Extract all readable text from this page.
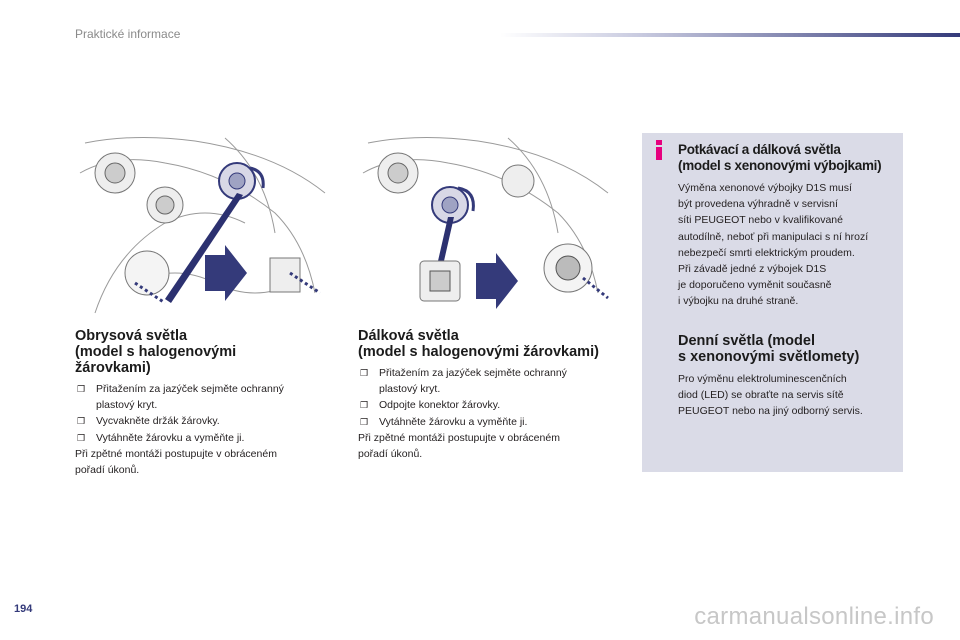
Praktické informace
Obrysová světla
(model s halogenovými
žárovkami)
❒ Přitažením za jazýček sejměte ochranný
plastový kryt.
❒ Vycvakněte držák žárovky.
❒ Vytáhněte žárovku a vyměňte ji.

Při zpětné montáži postupujte v obráceném

pořadí úkonů.

Dálková světla
(model s halogenovými žárovkami)
❒ Přitažením za jazýček sejměte ochranný
plastový kryt.
❒ Odpojte konektor žárovky.
❒ Vytáhněte žárovku a vyměňte ji.

Při zpětné montáži postupujte v obráceném

pořadí úkonů.

Potkávací a dálková světla
(model s xenonovými výbojkami)
Výměna xenonové výbojky D1S musí
být provedena výhradně v servisní
síti PEUGEOT nebo v kvalifikované
autodílně, neboť při manipulaci s ní hrozí
nebezpečí smrti elektrickým proudem.
Při závadě jedné z výbojek D1S
je doporučeno vyměnit současně
i výbojku na druhé straně.
Denní světla (model
s xenonovými světlomety)
Pro výměnu elektroluminescenčních
diod (LED) se obraťte na servis sítě
PEUGEOT nebo na jiný odborný servis.
194	carmanualsonline.info
